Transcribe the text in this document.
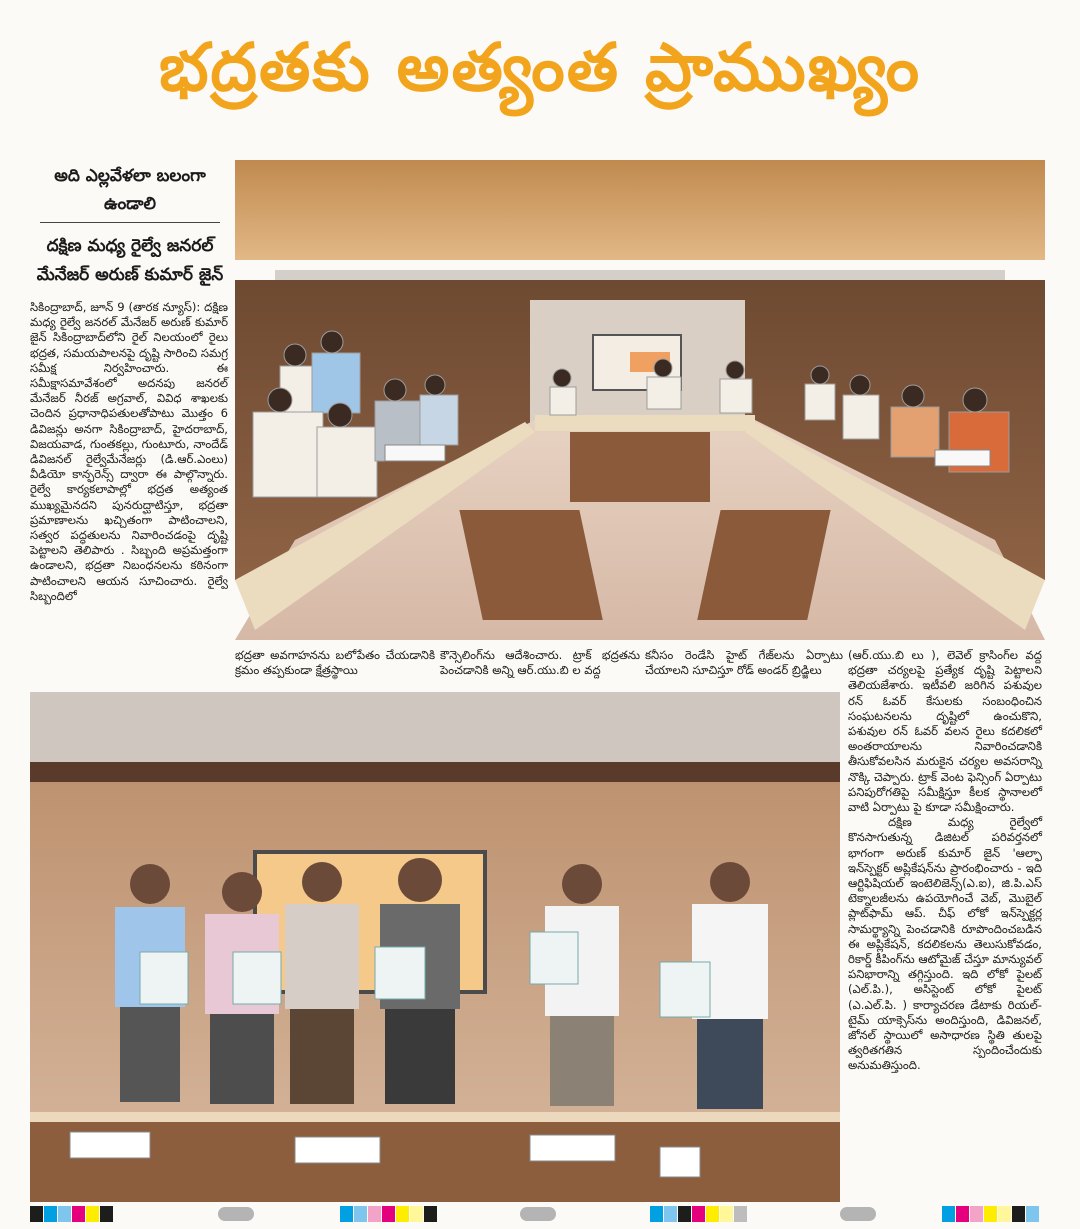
భద్రతకు అత్యంత ప్రాముఖ్యం
అది ఎల్లవేళలా బలంగా ఉండాలి
దక్షిణ మధ్య రైల్వే జనరల్ మేనేజర్ అరుణ్ కుమార్ జైన్

సికింద్రాబాద్, జూన్ 9 (తారక న్యూస్): దక్షిణ మధ్య రైల్వే జనరల్ మేనేజర్ అరుణ్ కుమార్ జైన్ సికింద్రాబాద్‌లోని రైల్ నిలయంలో రైలు భద్రత, సమయపాలనపై దృష్టి సారించి సమగ్ర సమీక్ష నిర్వహించారు. ఈ సమీక్షాసమావేశంలో అదనపు జనరల్ మేనేజర్ నీరజ్ అగ్రవాల్, వివిధ శాఖలకు చెందిన ప్రధానాధిపతులతోపాటు మొత్తం 6 డివిజన్లు అనగా సికింద్రాబాద్, హైదరాబాద్, విజయవాడ, గుంతకల్లు, గుంటూరు, నాందేడ్ డివిజనల్ రైల్వేమేనేజర్లు (డి.ఆర్.ఎంలు) వీడియో కాన్ఫరెన్స్ ద్వారా ఈ పాల్గొన్నారు. రైల్వే కార్యకలాపాల్లో భద్రత అత్యంత ముఖ్యమైనదని పునరుద్ఘాటిస్తూ, భద్రతా ప్రమాణాలను ఖచ్చితంగా పాటించాలని, సత్వర పద్ధతులను నివారించడంపై దృష్టి పెట్టాలని తెలిపారు . సిబ్బంది అప్రమత్తంగా ఉండాలని, భద్రతా నిబంధనలను కఠినంగా పాటించాలని ఆయన సూచించారు. రైల్వే సిబ్బందిలో

భద్రతా అవగాహనను బలోపేతం చేయడానికి క్రమం తప్పకుండా క్షేత్రస్థాయి
కౌన్సెలింగ్‌ను ఆదేశించారు. ట్రాక్ భద్రతను పెంచడానికి అన్ని ఆర్.యు.బి ల వద్ద
కనీసం రెండేసి హైట్ గేజ్‌లను ఏర్పాటు చేయాలని సూచిస్తూ రోడ్ అండర్ బ్రిడ్జిలు

(ఆర్.యు.బి లు ), లెవెల్ క్రాసింగ్‌ల వద్ద భద్రతా చర్యలపై ప్రత్యేక దృష్టి పెట్టాలని తెలియజేశారు. ఇటీవలి జరిగిన పశువుల రన్ ఓవర్ కేసులకు సంబంధించిన సంఘటనలను దృష్టిలో ఉంచుకొని, పశువుల రన్ ఓవర్ వలన రైలు కదలికలో అంతరాయాలను నివారించడానికి తీసుకోవలసిన మరుకైన చర్యల అవసరాన్ని నొక్కి చెప్పారు. ట్రాక్ వెంట ఫెన్సింగ్ ఏర్పాటు పనిపురోగతిపై సమీక్షిస్తూ కీలక స్థానాలలో వాటి ఏర్పాటు పై కూడా సమీక్షించారు.

దక్షిణ మధ్య రైల్వేలో కొనసాగుతున్న డిజిటల్ పరివర్తనలో భాగంగా అరుణ్ కుమార్ జైన్ 'ఆల్ఫా ఇన్‌స్పెక్టర్ అప్లికేషన్‌ను ప్రారంభించారు - ఇది ఆర్టిఫిషియల్ ఇంటెలిజెన్స్(ఎ.ఐ), జి.పి.ఎస్ టెక్నాలజీలను ఉపయోగించే వెబ్, మొబైల్ ప్లాట్‌ఫామ్ ఆప్. చీఫ్ లోకో ఇన్‌స్పెక్టర్ల సామర్థ్యాన్ని పెంచడానికి రూపొందించబడిన ఈ అప్లికేషన్, కదలికలను తెలుసుకోవడం, రికార్డ్ కీపింగ్‌ను ఆటోమైజ్ చేస్తూ మాన్యువల్ పనిభారాన్ని తగ్గిస్తుంది. ఇది లోకో పైలట్ (ఎల్.పి.), అసిస్టెంట్ లోకో పైలట్ (ఎ.ఎల్.పి. ) కార్యాచరణ డేటాకు రియల్-టైమ్ యాక్సెస్‌ను అందిస్తుంది, డివిజనల్, జోనల్ స్థాయిలో అసాధారణ స్థితి తులపై త్వరితగతిన స్పందించేందుకు అనుమతిస్తుంది.
